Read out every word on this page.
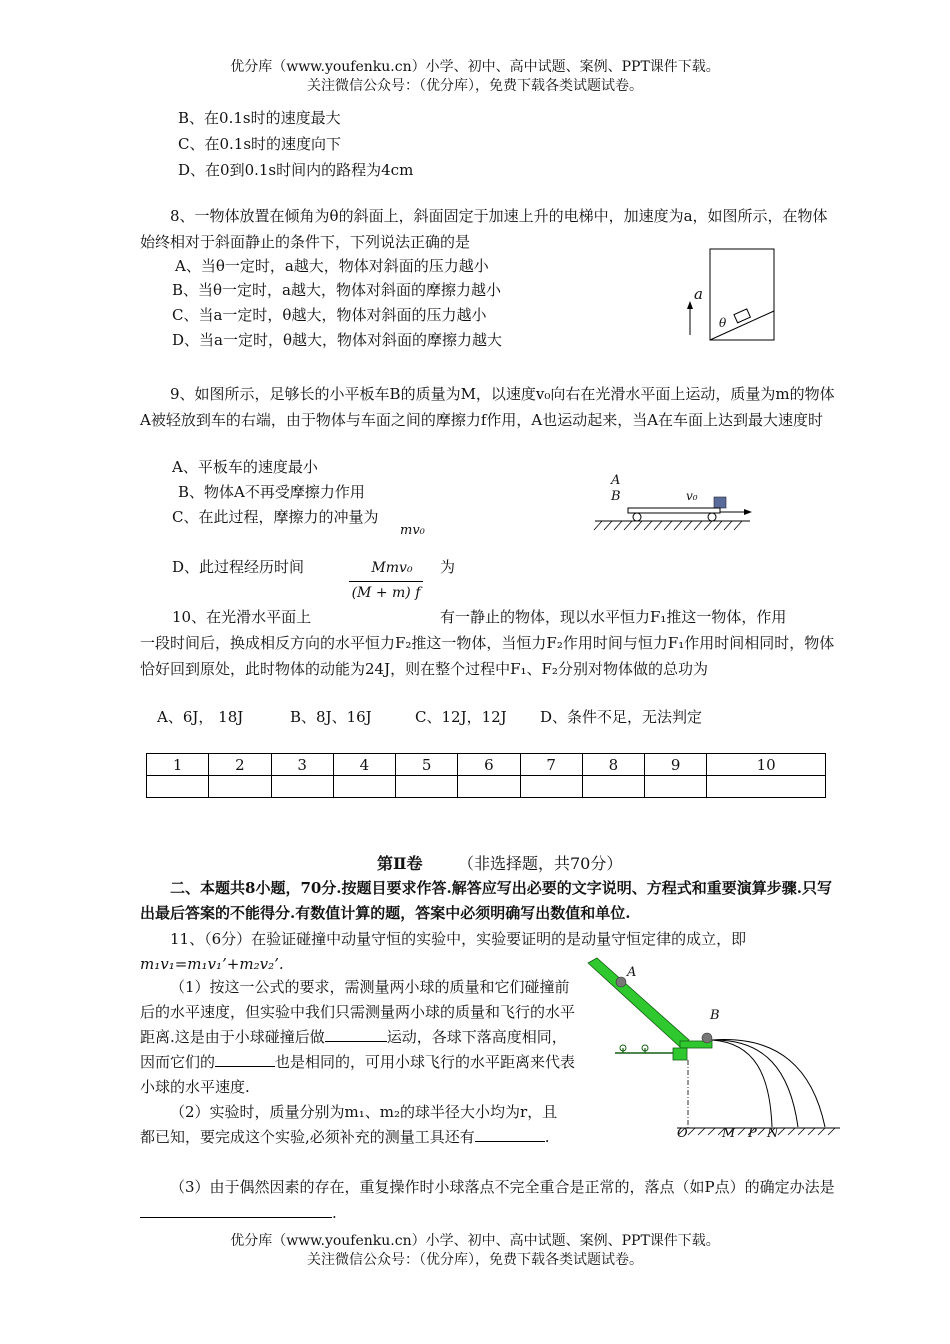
优分库（www.youfenku.cn）小学、初中、高中试题、案例、PPT课件下载。
关注微信公众号：（优分库），免费下载各类试题试卷。
B、在0.1s时的速度最大
C、在0.1s时的速度向下
D、在0到0.1s时间内的路程为4cm
8、一物体放置在倾角为θ的斜面上，斜面固定于加速上升的电梯中，加速度为a，如图所示，在物体始终相对于斜面静止的条件下，下列说法正确的是
A、当θ一定时，a越大，物体对斜面的压力越小
B、当θ一定时，a越大，物体对斜面的摩擦力越小
C、当a一定时，θ越大，物体对斜面的压力越小
D、当a一定时，θ越大，物体对斜面的摩擦力越大
a
θ
9、如图所示，足够长的小平板车B的质量为M，以速度v₀向右在光滑水平面上运动，质量为m的物体A被轻放到车的右端，由于物体与车面之间的摩擦力f作用，A也运动起来，当A在车面上达到最大速度时
A、平板车的速度最小
B、物体A不再受摩擦力作用
C、在此过程，摩擦力的冲量为
mv₀
D、此过程经历时间	Mmv₀
(M + m) f
为
A
B	v₀
10、在光滑水平面上	有一静止的物体，现以水平恒力F₁推这一物体，作用
一段时间后，换成相反方向的水平恒力F₂推这一物体，当恒力F₂作用时间与恒力F₁作用时间相同时，物体恰好回到原处，此时物体的动能为24J，则在整个过程中F₁、F₂分别对物体做的总功为
A、6J， 18J	B、8J、16J	C、12J，12J D、条件不足，无法判定
1	2	3	4	5	6	7	8	9	10

第Ⅱ卷 （非选择题，共70分）
二、本题共8小题，70分.按题目要求作答.解答应写出必要的文字说明、方程式和重要演算步骤.只写出最后答案的不能得分.有数值计算的题，答案中必须明确写出数值和单位.
11、（6分）在验证碰撞中动量守恒的实验中，实验要证明的是动量守恒定律的成立，即
m₁v₁=m₁v₁’+m₂v₂’.
（1）按这一公式的要求，需测量两小球的质量和它们碰撞前后的水平速度，但实验中我们只需测量两小球的质量和飞行的水平距离.这是由于小球碰撞后做	运动，各球下落高度相同，因而它们的	也是相同的，可用小球飞行的水平距离来代表小球的水平速度.
（2）实验时，质量分别为m₁、m₂的球半径大小均为r，且都已知，要完成这个实验,必须补充的测量工具还有	.
（3）由于偶然因素的存在，重复操作时小球落点不完全重合是正常的，落点（如P点）的确定办法是.
A
B
O	M P N
优分库（www.youfenku.cn）小学、初中、高中试题、案例、PPT课件下载。
关注微信公众号：（优分库），免费下载各类试题试卷。
